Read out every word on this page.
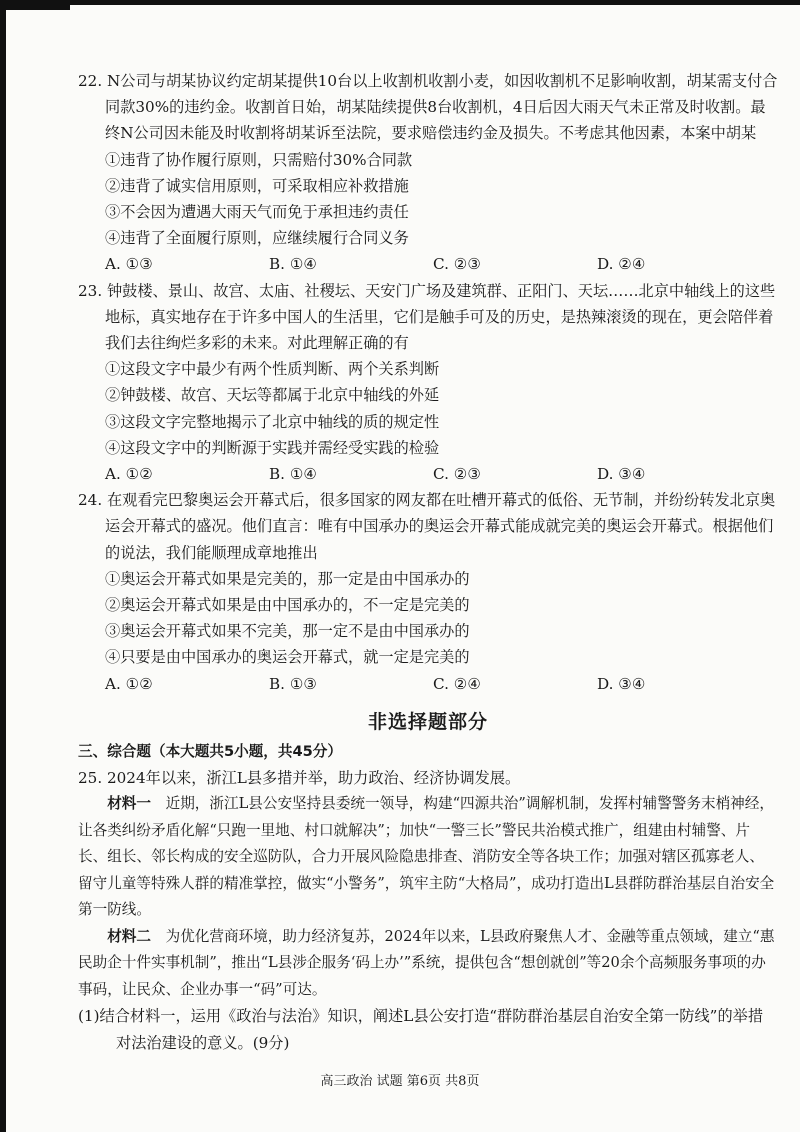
22. N公司与胡某协议约定胡某提供10台以上收割机收割小麦，如因收割机不足影响收割，胡某需支付合同款30%的违约金。收割首日始，胡某陆续提供8台收割机，4日后因大雨天气未正常及时收割。最终N公司因未能及时收割将胡某诉至法院，要求赔偿违约金及损失。不考虑其他因素，本案中胡某
①违背了协作履行原则，只需赔付30%合同款
②违背了诚实信用原则，可采取相应补救措施
③不会因为遭遇大雨天气而免于承担违约责任
④违背了全面履行原则，应继续履行合同义务
A. ①③	B. ①④	C. ②③	D. ②④
23. 钟鼓楼、景山、故宫、太庙、社稷坛、天安门广场及建筑群、正阳门、天坛……北京中轴线上的这些地标，真实地存在于许多中国人的生活里，它们是触手可及的历史，是热辣滚烫的现在，更会陪伴着我们去往绚烂多彩的未来。对此理解正确的有
①这段文字中最少有两个性质判断、两个关系判断
②钟鼓楼、故宫、天坛等都属于北京中轴线的外延
③这段文字完整地揭示了北京中轴线的质的规定性
④这段文字中的判断源于实践并需经受实践的检验
A. ①②	B. ①④	C. ②③	D. ③④
24. 在观看完巴黎奥运会开幕式后，很多国家的网友都在吐槽开幕式的低俗、无节制，并纷纷转发北京奥运会开幕式的盛况。他们直言：唯有中国承办的奥运会开幕式能成就完美的奥运会开幕式。根据他们的说法，我们能顺理成章地推出
①奥运会开幕式如果是完美的，那一定是由中国承办的
②奥运会开幕式如果是由中国承办的，不一定是完美的
③奥运会开幕式如果不完美，那一定不是由中国承办的
④只要是由中国承办的奥运会开幕式，就一定是完美的
A. ①②	B. ①③	C. ②④	D. ③④
非选择题部分
三、综合题（本大题共5小题，共45分）
25. 2024年以来，浙江L县多措并举，助力政治、经济协调发展。
材料一　 近期，浙江L县公安坚持县委统一领导，构建“四源共治”调解机制，发挥村辅警警务末梢神经，让各类纠纷矛盾化解“只跑一里地、村口就解决”；加快“一警三长”警民共治模式推广，组建由村辅警、片长、组长、邻长构成的安全巡防队，合力开展风险隐患排查、消防安全等各块工作；加强对辖区孤寡老人、留守儿童等特殊人群的精准掌控，做实“小警务”，筑牢主防“大格局”，成功打造出L县群防群治基层自治安全第一防线。
材料二　 为优化营商环境，助力经济复苏，2024年以来，L县政府聚焦人才、金融等重点领域，建立“惠民助企十件实事机制”，推出“L县涉企服务‘码上办’”系统，提供包含“想创就创”等20余个高频服务事项的办事码，让民众、企业办事一“码”可达。
(1)结合材料一，运用《政治与法治》知识，阐述L县公安打造“群防群治基层自治安全第一防线”的举措对法治建设的意义。(9分)
高三政治 试题 第6页 共8页
